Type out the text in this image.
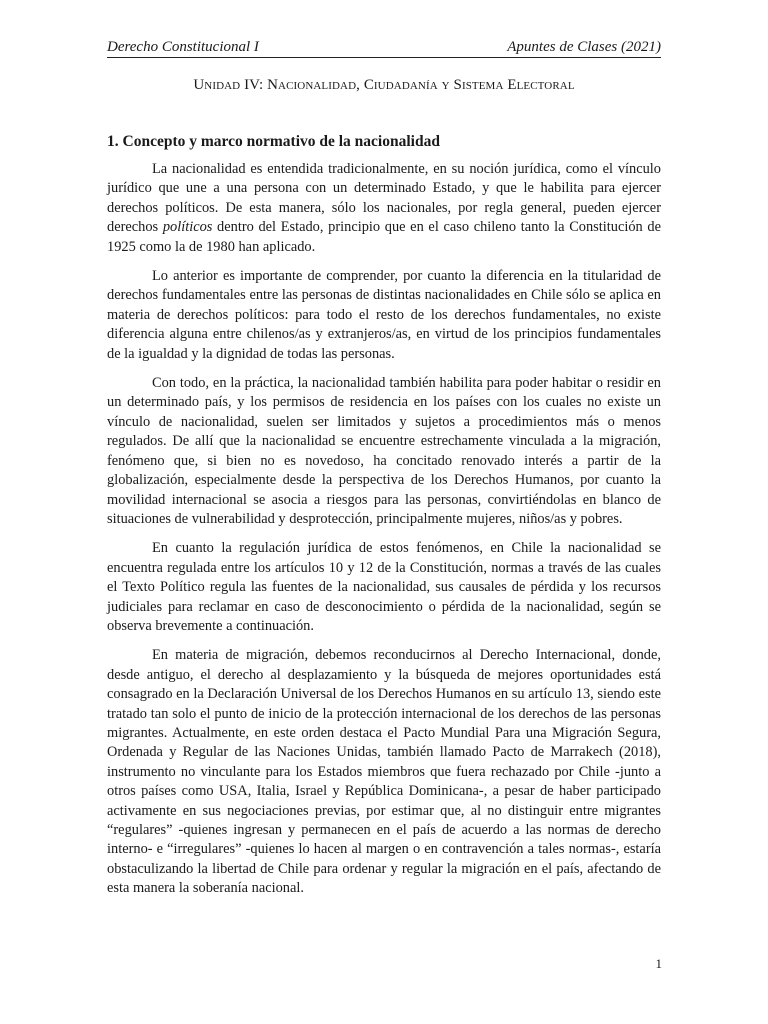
Derecho Constitucional I	Apuntes de Clases (2021)
Unidad IV: Nacionalidad, Ciudadanía y Sistema Electoral
1. Concepto y marco normativo de la nacionalidad

La nacionalidad es entendida tradicionalmente, en su noción jurídica, como el vínculo jurídico que une a una persona con un determinado Estado, y que le habilita para ejercer derechos políticos. De esta manera, sólo los nacionales, por regla general, pueden ejercer derechos políticos dentro del Estado, principio que en el caso chileno tanto la Constitución de 1925 como la de 1980 han aplicado.

Lo anterior es importante de comprender, por cuanto la diferencia en la titularidad de derechos fundamentales entre las personas de distintas nacionalidades en Chile sólo se aplica en materia de derechos políticos: para todo el resto de los derechos fundamentales, no existe diferencia alguna entre chilenos/as y extranjeros/as, en virtud de los principios fundamentales de la igualdad y la dignidad de todas las personas.

Con todo, en la práctica, la nacionalidad también habilita para poder habitar o residir en un determinado país, y los permisos de residencia en los países con los cuales no existe un vínculo de nacionalidad, suelen ser limitados y sujetos a procedimientos más o menos regulados. De allí que la nacionalidad se encuentre estrechamente vinculada a la migración, fenómeno que, si bien no es novedoso, ha concitado renovado interés a partir de la globalización, especialmente desde la perspectiva de los Derechos Humanos, por cuanto la movilidad internacional se asocia a riesgos para las personas, convirtiéndolas en blanco de situaciones de vulnerabilidad y desprotección, principalmente mujeres, niños/as y pobres.

En cuanto la regulación jurídica de estos fenómenos, en Chile la nacionalidad se encuentra regulada entre los artículos 10 y 12 de la Constitución, normas a través de las cuales el Texto Político regula las fuentes de la nacionalidad, sus causales de pérdida y los recursos judiciales para reclamar en caso de desconocimiento o pérdida de la nacionalidad, según se observa brevemente a continuación.

En materia de migración, debemos reconducirnos al Derecho Internacional, donde, desde antiguo, el derecho al desplazamiento y la búsqueda de mejores oportunidades está consagrado en la Declaración Universal de los Derechos Humanos en su artículo 13, siendo este tratado tan solo el punto de inicio de la protección internacional de los derechos de las personas migrantes. Actualmente, en este orden destaca el Pacto Mundial Para una Migración Segura, Ordenada y Regular de las Naciones Unidas, también llamado Pacto de Marrakech (2018), instrumento no vinculante para los Estados miembros que fuera rechazado por Chile -junto a otros países como USA, Italia, Israel y República Dominicana-, a pesar de haber participado activamente en sus negociaciones previas, por estimar que, al no distinguir entre migrantes “regulares” -quienes ingresan y permanecen en el país de acuerdo a las normas de derecho interno- e “irregulares” -quienes lo hacen al margen o en contravención a tales normas-, estaría obstaculizando la libertad de Chile para ordenar y regular la migración en el país, afectando de esta manera la soberanía nacional.

1
